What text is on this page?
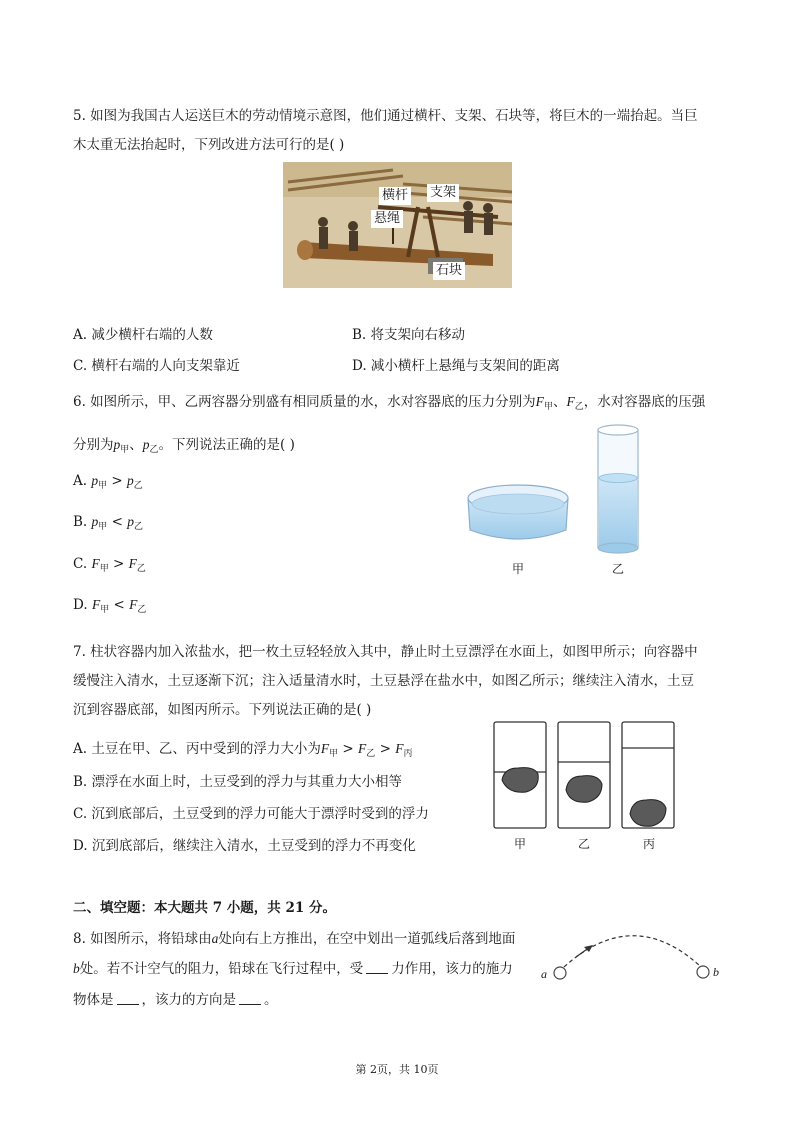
5. 如图为我国古人运送巨木的劳动情境示意图，他们通过横杆、支架、石块等，将巨木的一端抬起。当巨
木太重无法抬起时，下列改进方法可行的是( )
横杆 支架
悬绳
石块
A. 减少横杆右端的人数	B. 将支架向右移动
C. 横杆右端的人向支架靠近	D. 减小横杆上悬绳与支架间的距离
6. 如图所示，甲、乙两容器分别盛有相同质量的水，水对容器底的压力分别为$F_甲$、$F_乙$，水对容器底的压强
分别为$p_甲$、$p_乙$。下列说法正确的是( )
A. $p_甲 > p_乙$
B. $p_甲 < p_乙$
C. $F_甲 > F_乙$
D. $F_甲 < F_乙$
甲	乙
7. 柱状容器内加入浓盐水，把一枚土豆轻轻放入其中，静止时土豆漂浮在水面上，如图甲所示；向容器中
缓慢注入清水，土豆逐渐下沉；注入适量清水时，土豆悬浮在盐水中，如图乙所示；继续注入清水，土豆
沉到容器底部，如图丙所示。下列说法正确的是( )
A. 土豆在甲、乙、丙中受到的浮力大小为$F_甲 > F_乙 > F_丙$
B. 漂浮在水面上时，土豆受到的浮力与其重力大小相等
C. 沉到底部后，土豆受到的浮力可能大于漂浮时受到的浮力
D. 沉到底部后，继续注入清水，土豆受到的浮力不再变化	甲	乙	丙
二、填空题：本大题共 7 小题，共 21 分。
8. 如图所示，将铅球由a处向右上方推出，在空中划出一道弧线后落到地面
b处。若不计空气的阻力，铅球在飞行过程中，受 力作用，该力的施力
物体是 ，该力的方向是 。
a	b
第 2页，共 10页
